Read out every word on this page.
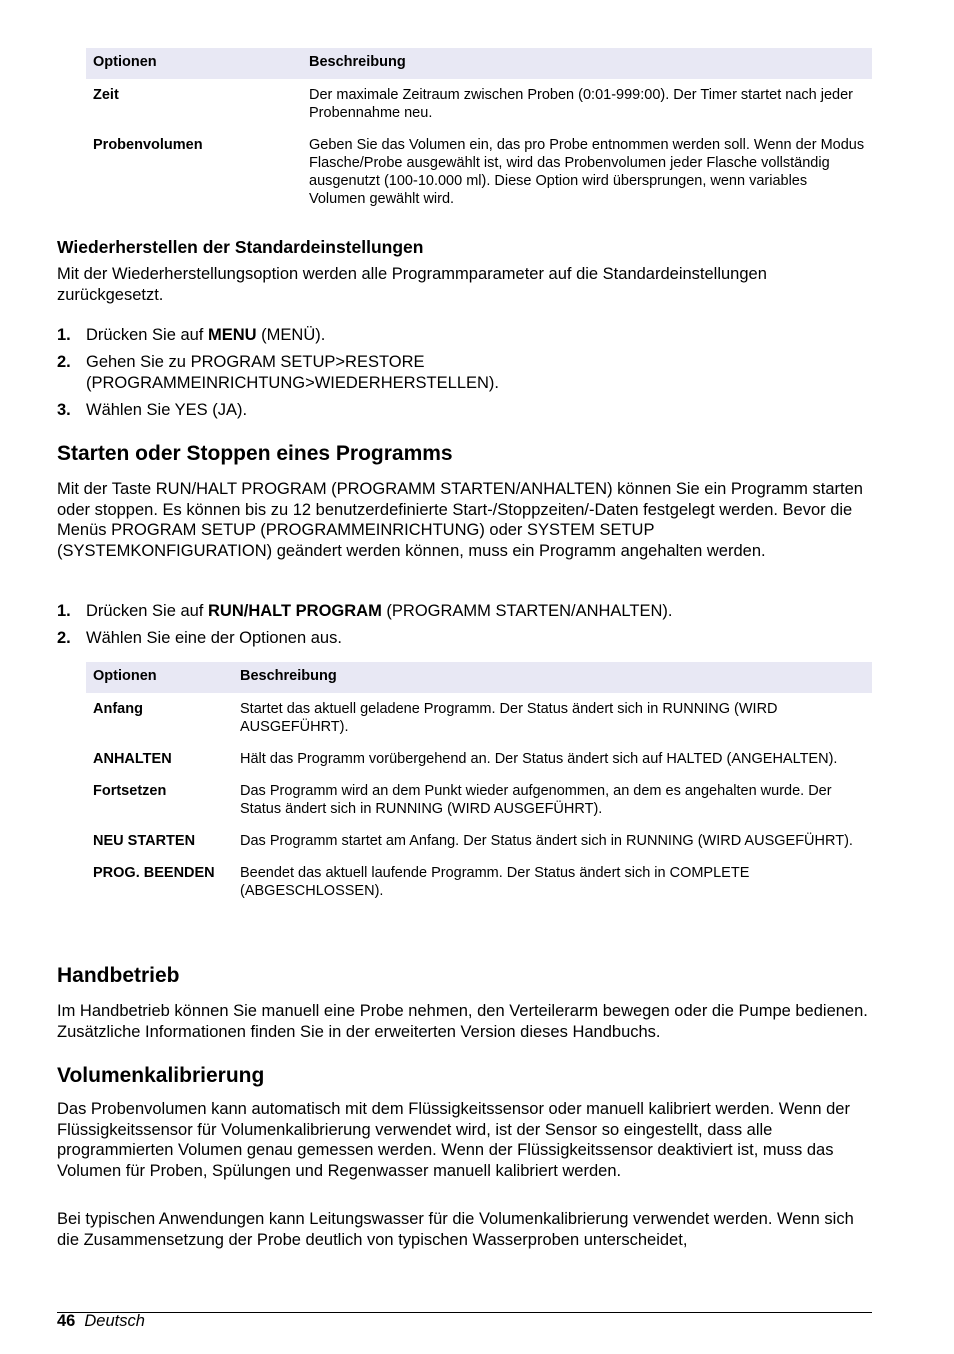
Optionen	Beschreibung
Zeit	Der maximale Zeitraum zwischen Proben (0:01-999:00). Der Timer startet nach jeder Probennahme neu.
Probenvolumen	Geben Sie das Volumen ein, das pro Probe entnommen werden soll. Wenn der Modus Flasche/Probe ausgewählt ist, wird das Probenvolumen jeder Flasche vollständig ausgenutzt (100-10.000 ml). Diese Option wird übersprungen, wenn variables Volumen gewählt wird.
Wiederherstellen der Standardeinstellungen
Mit der Wiederherstellungsoption werden alle Programmparameter auf die Standardeinstellungen zurückgesetzt.
1. Drücken Sie auf MENU (MENÜ).
2. Gehen Sie zu PROGRAM SETUP>RESTORE (PROGRAMMEINRICHTUNG>WIEDERHERSTELLEN).
3. Wählen Sie YES (JA).
Starten oder Stoppen eines Programms
Mit der Taste RUN/HALT PROGRAM (PROGRAMM STARTEN/ANHALTEN) können Sie ein Programm starten oder stoppen. Es können bis zu 12 benutzerdefinierte Start-/Stoppzeiten/-Daten festgelegt werden. Bevor die Menüs PROGRAM SETUP (PROGRAMMEINRICHTUNG) oder SYSTEM SETUP (SYSTEMKONFIGURATION) geändert werden können, muss ein Programm angehalten werden.
1. Drücken Sie auf RUN/HALT PROGRAM (PROGRAMM STARTEN/ANHALTEN).
2. Wählen Sie eine der Optionen aus.
Optionen	Beschreibung
Anfang	Startet das aktuell geladene Programm. Der Status ändert sich in RUNNING (WIRD AUSGEFÜHRT).
ANHALTEN	Hält das Programm vorübergehend an. Der Status ändert sich auf HALTED (ANGEHALTEN).
Fortsetzen	Das Programm wird an dem Punkt wieder aufgenommen, an dem es angehalten wurde. Der Status ändert sich in RUNNING (WIRD AUSGEFÜHRT).
NEU STARTEN	Das Programm startet am Anfang. Der Status ändert sich in RUNNING (WIRD AUSGEFÜHRT).
PROG. BEENDEN	Beendet das aktuell laufende Programm. Der Status ändert sich in COMPLETE (ABGESCHLOSSEN).
Handbetrieb
Im Handbetrieb können Sie manuell eine Probe nehmen, den Verteilerarm bewegen oder die Pumpe bedienen. Zusätzliche Informationen finden Sie in der erweiterten Version dieses Handbuchs.
Volumenkalibrierung
Das Probenvolumen kann automatisch mit dem Flüssigkeitssensor oder manuell kalibriert werden. Wenn der Flüssigkeitssensor für Volumenkalibrierung verwendet wird, ist der Sensor so eingestellt, dass alle programmierten Volumen genau gemessen werden. Wenn der Flüssigkeitssensor deaktiviert ist, muss das Volumen für Proben, Spülungen und Regenwasser manuell kalibriert werden.
Bei typischen Anwendungen kann Leitungswasser für die Volumenkalibrierung verwendet werden. Wenn sich die Zusammensetzung der Probe deutlich von typischen Wasserproben unterscheidet,
46 Deutsch
